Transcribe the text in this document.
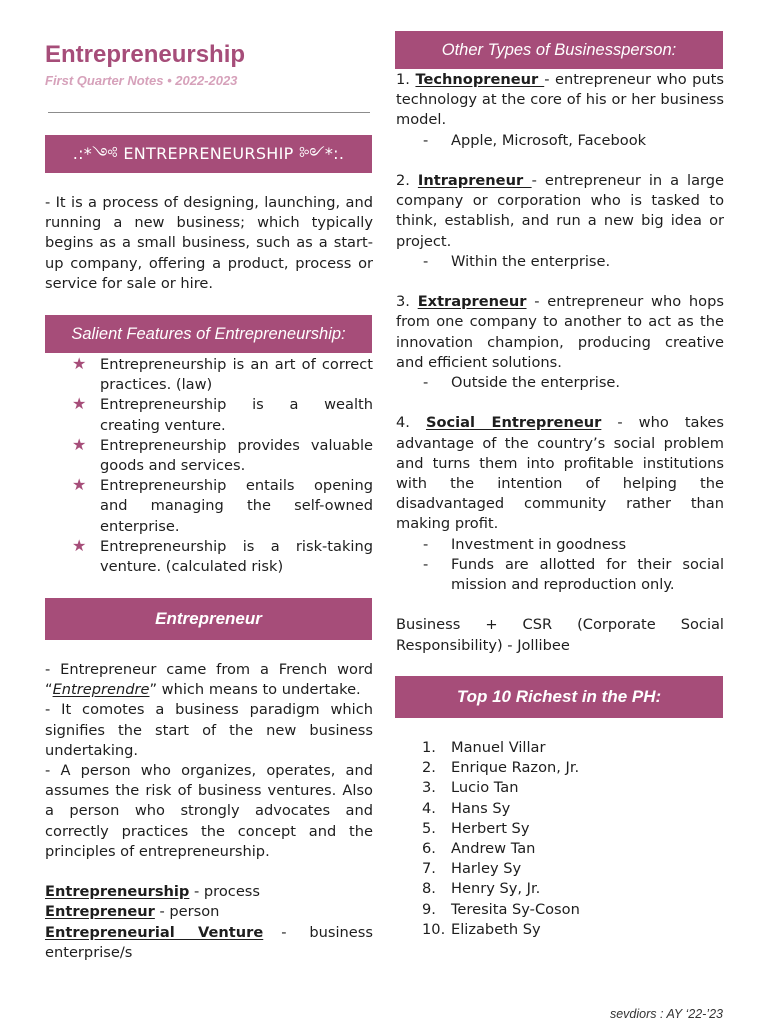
Entrepreneurship
First Quarter Notes • 2022-2023
.:*༺ ENTREPRENEURSHIP ༻*:.

- It is a process of designing, launching, and running a new business; which typically begins as a small business, such as a start-up company, offering a product, process or service for sale or hire.

Salient Features of Entrepreneurship:
★ Entrepreneurship is an art of correct practices. (law)
★ Entrepreneurship is a wealth creating venture.
★ Entrepreneurship provides valuable goods and services.
★ Entrepreneurship entails opening and managing the self-owned enterprise.
★ Entrepreneurship is a risk-taking venture. (calculated risk)
Entrepreneur

- Entrepreneur came from a French word “Entreprendre” which means to undertake.

- It comotes a business paradigm which signifies the start of the new business undertaking.

- A person who organizes, operates, and assumes the risk of business ventures. Also a person who strongly advocates and correctly practices the concept and the principles of entrepreneurship.

Entrepreneurship - process

Entrepreneur - person

Entrepreneurial Venture - business enterprise/s

Other Types of Businessperson:

1. Technopreneur - entrepreneur who puts technology at the core of his or her business model.

- Apple, Microsoft, Facebook

2. Intrapreneur - entrepreneur in a large company or corporation who is tasked to think, establish, and run a new big idea or project.

- Within the enterprise.

3. Extrapreneur - entrepreneur who hops from one company to another to act as the innovation champion, producing creative and efficient solutions.

- Outside the enterprise.

4. Social Entrepreneur - who takes advantage of the country’s social problem and turns them into profitable institutions with the intention of helping the disadvantaged community rather than making profit.

- Investment in goodness
- Funds are allotted for their social mission and reproduction only.

Business + CSR (Corporate Social Responsibility) - Jollibee

Top 10 Richest in the PH:
1.	Manuel Villar
2.	Enrique Razon, Jr.
3.	Lucio Tan
4.	Hans Sy
5.	Herbert Sy
6.	Andrew Tan
7.	Harley Sy
8.	Henry Sy, Jr.
9.	Teresita Sy-Coson
10. Elizabeth Sy
sevdiors : AY ‘22-’23
